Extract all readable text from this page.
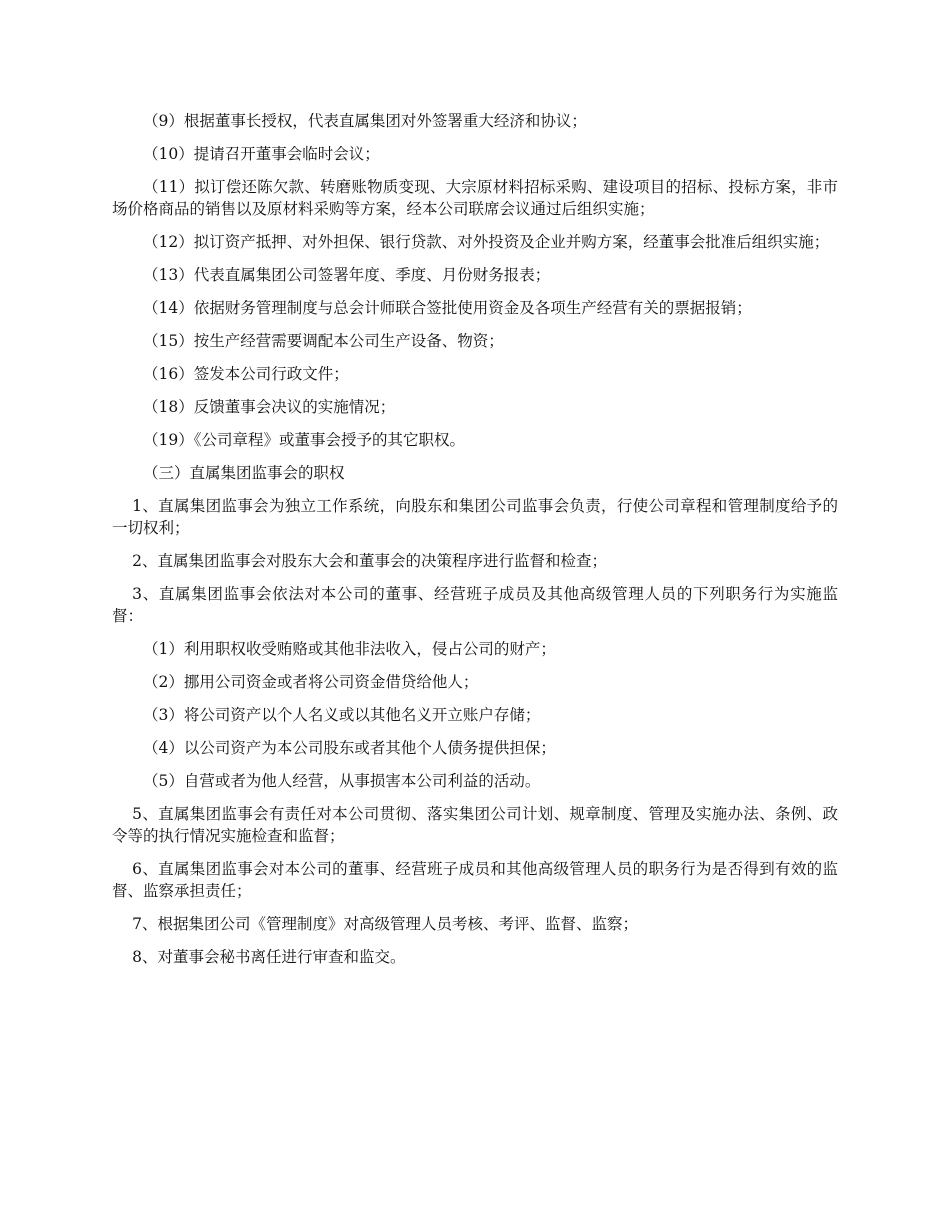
（9）根据董事长授权，代表直属集团对外签署重大经济和协议；

（10）提请召开董事会临时会议；

（11）拟订偿还陈欠款、转磨账物质变现、大宗原材料招标采购、建设项目的招标、投标方案，非市场价格商品的销售以及原材料采购等方案，经本公司联席会议通过后组织实施；

（12）拟订资产抵押、对外担保、银行贷款、对外投资及企业并购方案，经董事会批准后组织实施；

（13）代表直属集团公司签署年度、季度、月份财务报表；

（14）依据财务管理制度与总会计师联合签批使用资金及各项生产经营有关的票据报销；

（15）按生产经营需要调配本公司生产设备、物资；

（16）签发本公司行政文件；

（18）反馈董事会决议的实施情况；

（19）《公司章程》或董事会授予的其它职权。

（三）直属集团监事会的职权

1、直属集团监事会为独立工作系统，向股东和集团公司监事会负责，行使公司章程和管理制度给予的一切权利；

2、直属集团监事会对股东大会和董事会的决策程序进行监督和检查；

3、直属集团监事会依法对本公司的董事、经营班子成员及其他高级管理人员的下列职务行为实施监督：

（1）利用职权收受贿赂或其他非法收入，侵占公司的财产；

（2）挪用公司资金或者将公司资金借贷给他人；

（3）将公司资产以个人名义或以其他名义开立账户存储；

（4）以公司资产为本公司股东或者其他个人债务提供担保；

（5）自营或者为他人经营，从事损害本公司利益的活动。

5、直属集团监事会有责任对本公司贯彻、落实集团公司计划、规章制度、管理及实施办法、条例、政令等的执行情况实施检查和监督；

6、直属集团监事会对本公司的董事、经营班子成员和其他高级管理人员的职务行为是否得到有效的监督、监察承担责任；

7、根据集团公司《管理制度》对高级管理人员考核、考评、监督、监察；

8、对董事会秘书离任进行审查和监交。
